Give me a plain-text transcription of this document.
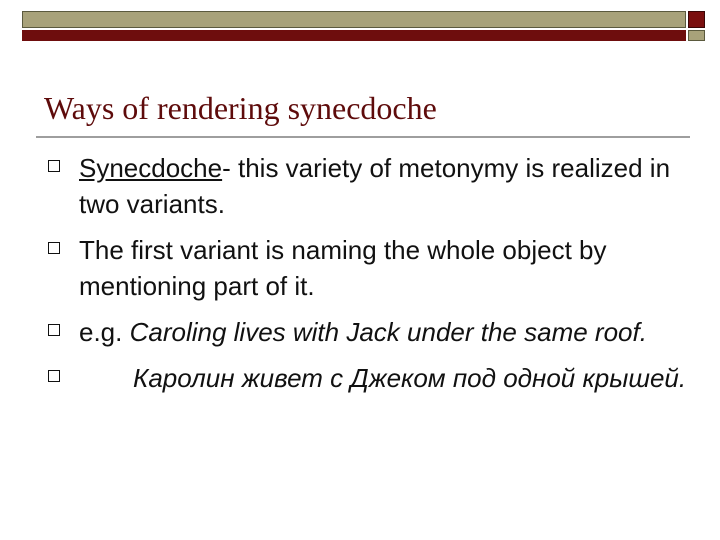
Ways of rendering synecdoche
Synecdoche- this variety of metonymy is realized in two variants.
The first variant is naming the whole object by mentioning part of it.
e.g. Caroling lives with Jack under the same roof.
Каролин живет с Джеком под одной крышей.
